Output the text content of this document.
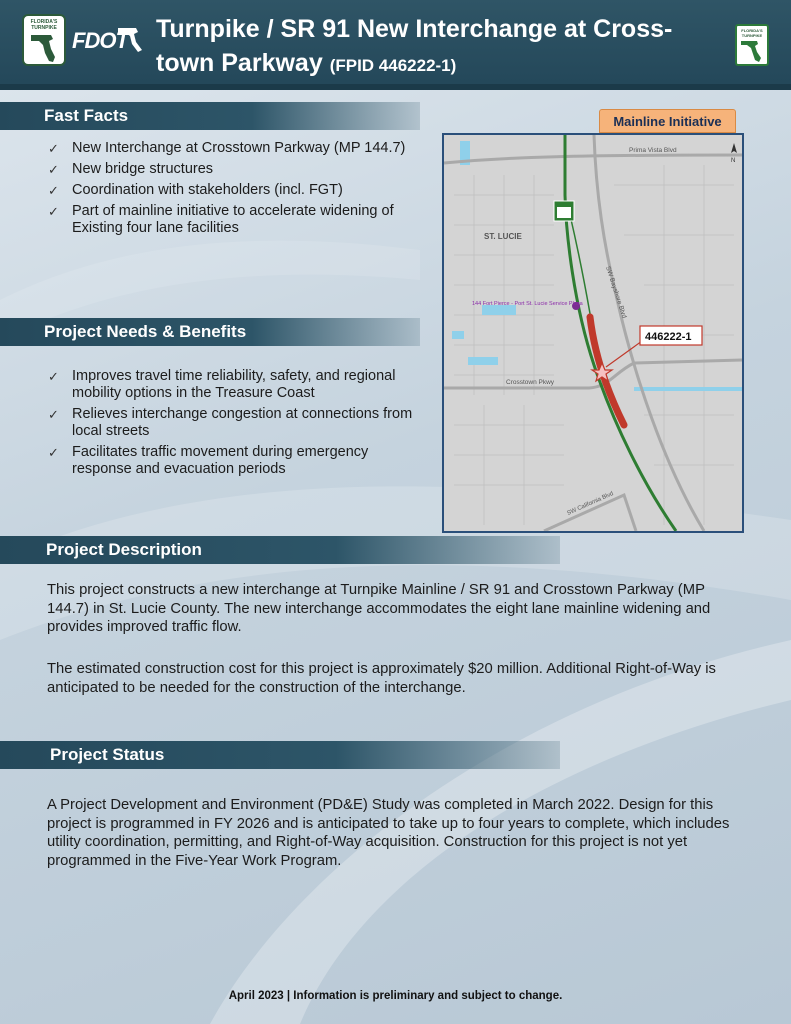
FLORIDA'S TURNPIKE FDOT Turnpike / SR 91 New Interchange at Cross-town Parkway (FPID 446222-1)
FLORIDA'S TURNPIKE
Fast Facts
✓ New Interchange at Crosstown Parkway (MP 144.7)
✓ New bridge structures
✓ Coordination with stakeholders (incl. FGT)
✓ Part of mainline initiative to accelerate widening of Existing four lane facilities
Project Needs & Benefits
✓ Improves travel time reliability, safety, and regional mobility options in the Treasure Coast
✓ Relieves interchange congestion at connections from local streets
✓ Facilitates traffic movement during emergency response and evacuation periods
Mainline Initiative
Prima Vista Blvd
ST. LUCIE
SW Bayshore Blvd
144 Fort Pierce - Port St. Lucie Service Plaza
Crosstown Pkwy
SW California Blvd
446222-1
N
Project Description
This project constructs a new interchange at Turnpike Mainline / SR 91 and Crosstown Parkway (MP 144.7) in St. Lucie County. The new interchange accommodates the eight lane mainline widening and provides improved traffic flow.
The estimated construction cost for this project is approximately $20 million. Additional Right-of-Way is anticipated to be needed for the construction of the interchange.
Project Status
A Project Development and Environment (PD&E) Study was completed in March 2022. Design for this project is programmed in FY 2026 and is anticipated to take up to four years to complete, which includes utility coordination, permitting, and Right-of-Way acquisition. Construction for this project is not yet programmed in the Five-Year Work Program.
April 2023 | Information is preliminary and subject to change.
